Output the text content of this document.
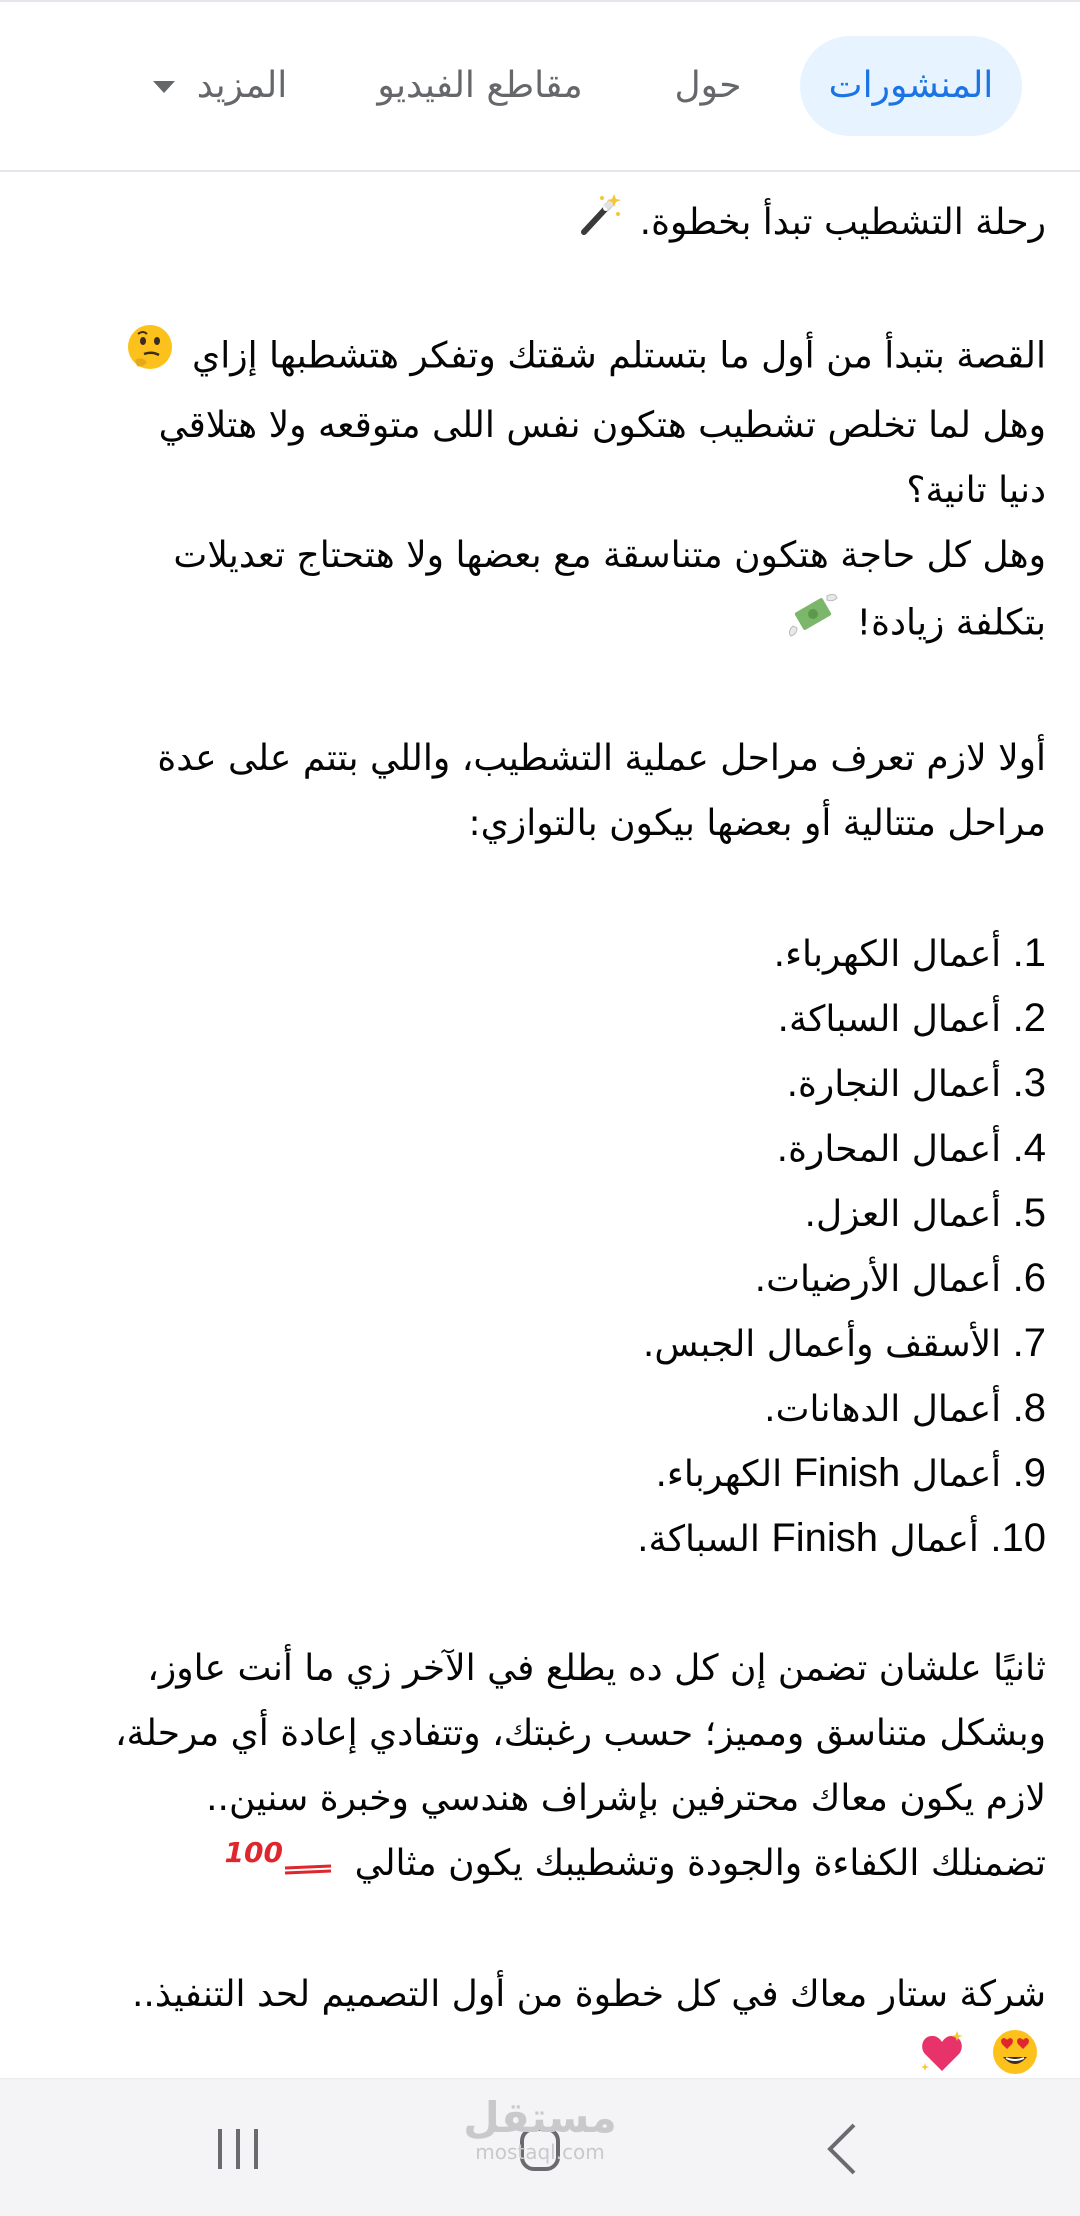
المنشورات
حول
مقاطع الفيديو
المزيد

رحلة التشطيب تبدأ بخطوة.

القصة بتبدأ من أول ما بتستلم شقتك وتفكر هتشطبها إزاي
وهل لما تخلص تشطيب هتكون نفس اللى متوقعه ولا هتلاقي
دنيا تانية؟

وهل كل حاجة هتكون متناسقة مع بعضها ولا هتحتاج تعديلات
بتكلفة زيادة!

أولا لازم تعرف مراحل عملية التشطيب، واللي بتتم على عدة
مراحل متتالية أو بعضها بيكون بالتوازي:

1. أعمال الكهرباء.
2. أعمال السباكة.
3. أعمال النجارة.
4. أعمال المحارة.
5. أعمال العزل.
6. أعمال الأرضيات.
7. الأسقف وأعمال الجبس.
8. أعمال الدهانات.
9. أعمال Finish الكهرباء.
10. أعمال Finish السباكة.

ثانيًا علشان تضمن إن كل ده يطلع في الآخر زي ما أنت عاوز،
وبشكل متناسق ومميز؛ حسب رغبتك، وتتفادي إعادة أي مرحلة،
لازم يكون معاك محترفين بإشراف هندسي وخبرة سنين..
تضمنلك الكفاءة والجودة وتشطيبك يكون مثالي
100

شركة ستار معاك في كل خطوة من أول التصميم لحد التنفيذ..

مستقل
mostaql.com
